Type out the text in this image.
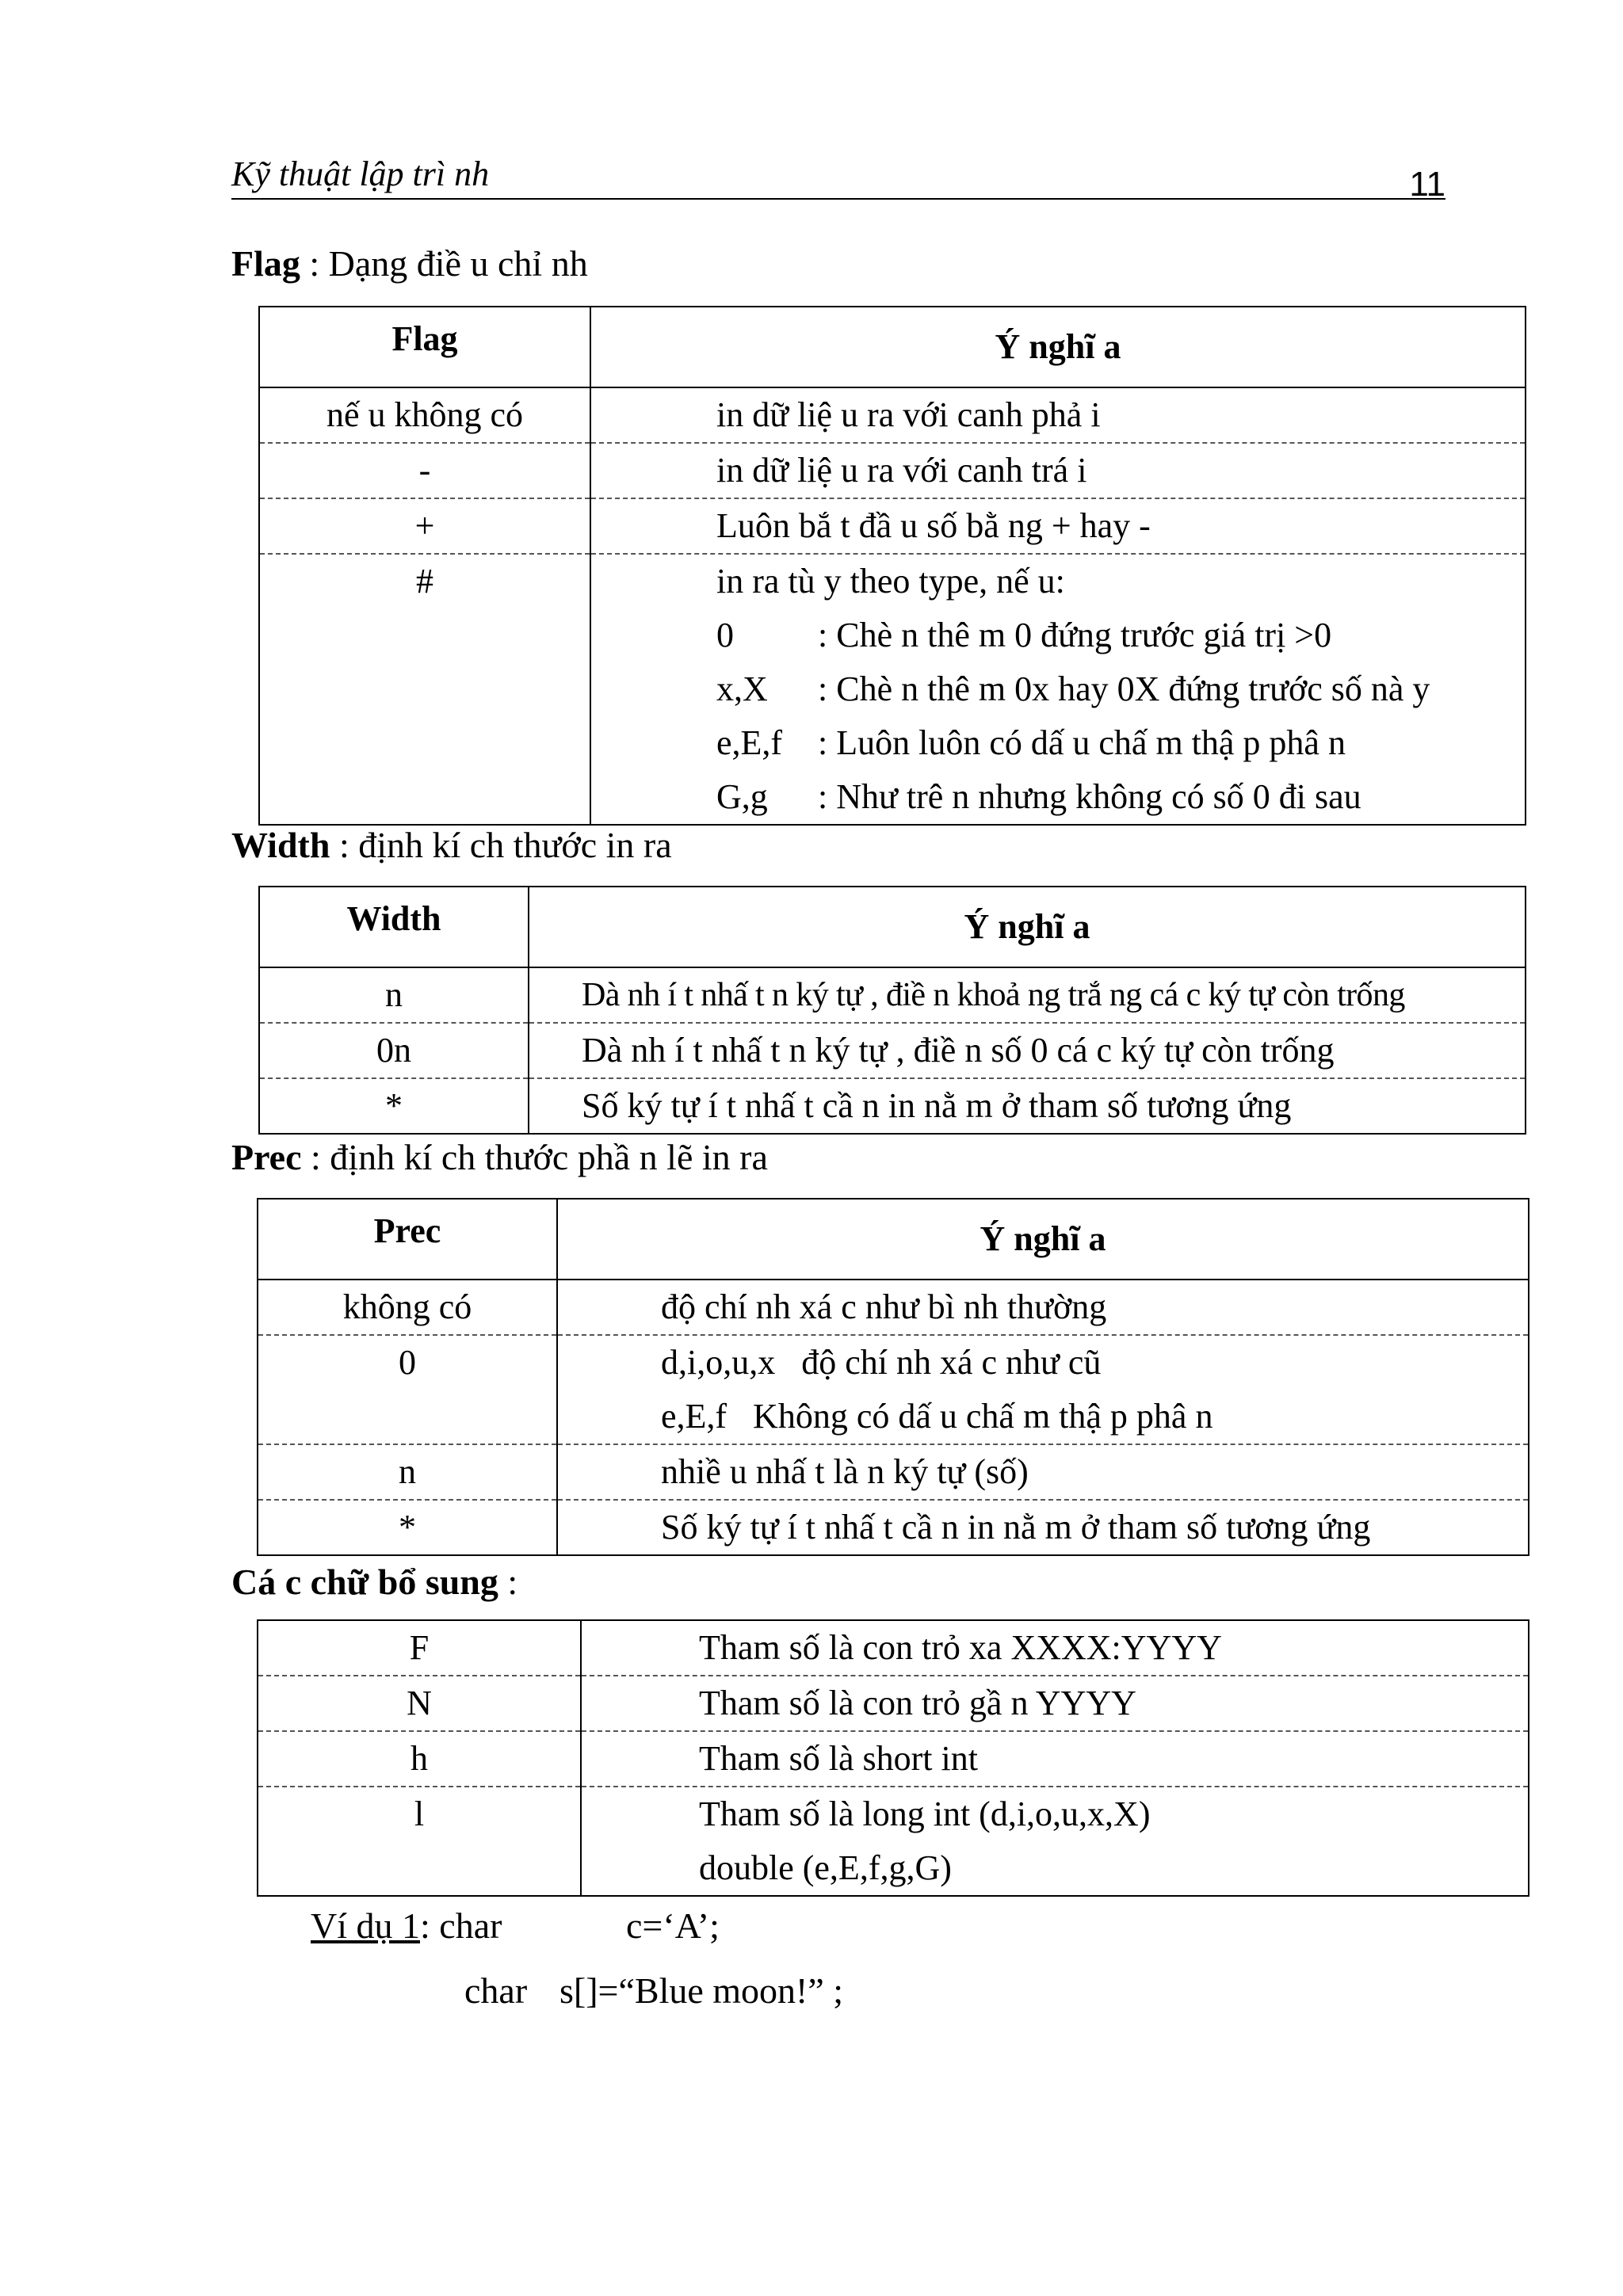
Kỹ thuật lập trì nh	11
Flag : Dạng điề u chỉ nh
Flag	Ý nghĩ a

nế u không có	in dữ liệ u ra với canh phả i

-	in dữ liệ u ra với canh trá i

+	Luôn bắ t đầ u số bằ ng + hay -

#	in ra tù y theo type, nế u:
0 : Chè n thê m 0 đứng trước giá trị >0
x,X : Chè n thê m 0x hay 0X đứng trước số nà y
e,E,f : Luôn luôn có dấ u chấ m thậ p phâ n
G,g : Như trê n nhưng không có số 0 đi sau
Width : định kí ch thước in ra
Width	Ý nghĩ a

n	Dà nh í t nhấ t n ký tự , điề n khoả ng trắ ng cá c ký tự còn trống

0n	Dà nh í t nhấ t n ký tự , điề n số 0 cá c ký tự còn trống

*	Số ký tự í t nhấ t cầ n in nằ m ở tham số tương ứng
Prec : định kí ch thước phầ n lẽ in ra
Prec	Ý nghĩ a

không có	độ chí nh xá c như bì nh thường

0	d,i,o,u,x   độ chí nh xá c như cũ
e,E,f   Không có dấ u chấ m thậ p phâ n

n	nhiề u nhấ t là n ký tự (số)

*	Số ký tự í t nhấ t cầ n in nằ m ở tham số tương ứng
Cá c chữ bổ sung :
F	Tham số là con trỏ xa XXXX:YYYY

N	Tham số là con trỏ gầ n YYYY

h	Tham số là short int

l	Tham số là long int (d,i,o,u,x,X)
double (e,E,f,g,G)
Ví dụ 1: char	c=‘A’;
char s[]=“Blue moon!” ;
